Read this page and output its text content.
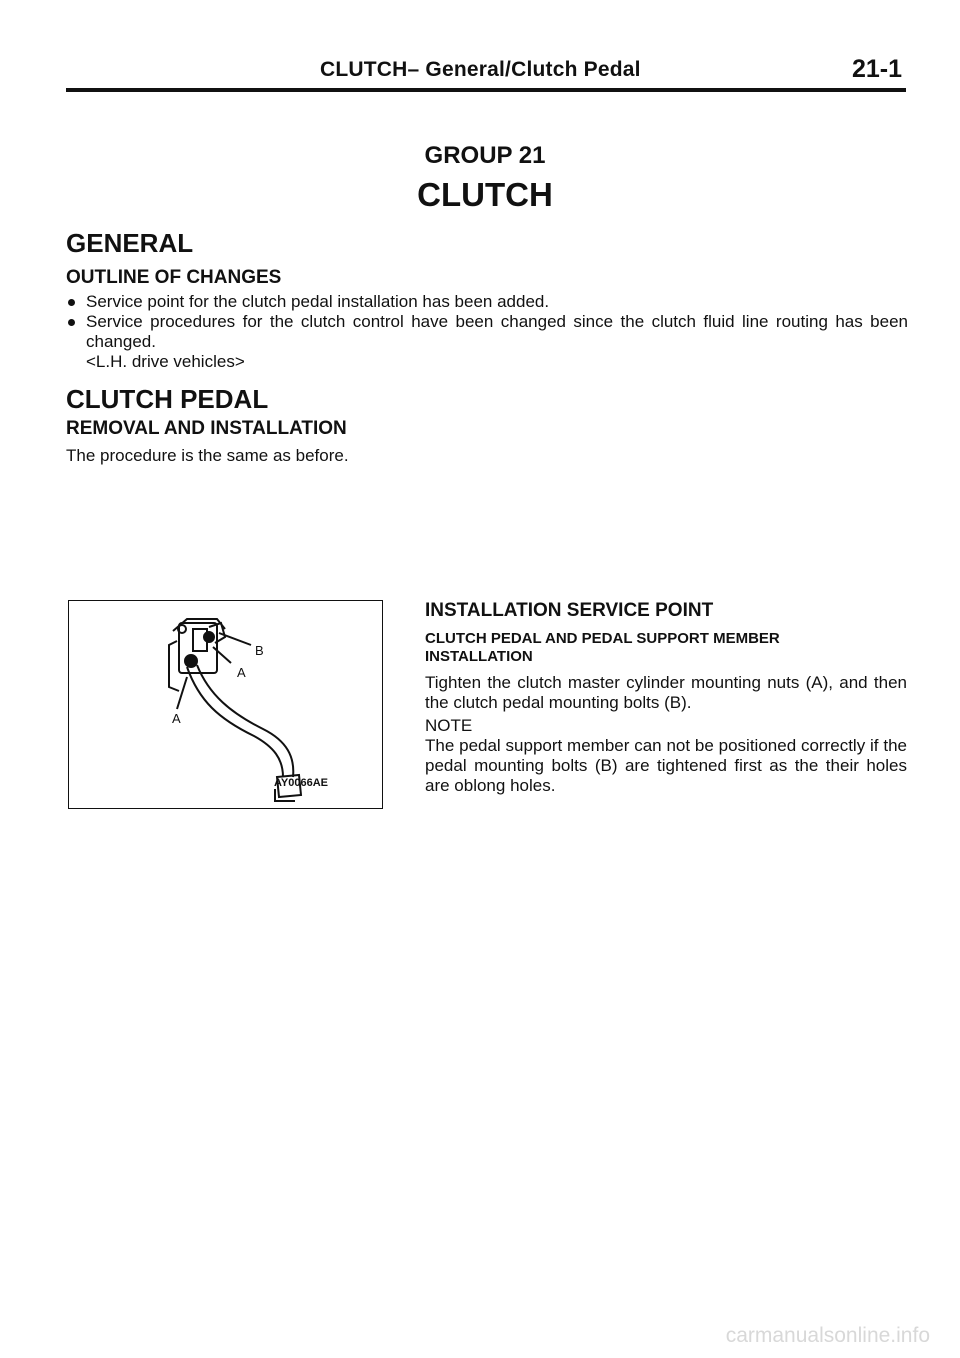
CLUTCH– General/Clutch Pedal	21-1
GROUP 21
CLUTCH
GENERAL
OUTLINE OF CHANGES
Service point for the clutch pedal installation has been added.
Service procedures for the clutch control have been changed since the clutch fluid line routing has been changed.
<L.H. drive vehicles>
CLUTCH PEDAL
REMOVAL AND INSTALLATION
The procedure is the same as before.
B
A
A
AY0066AE
INSTALLATION SERVICE POINT
CLUTCH PEDAL AND PEDAL SUPPORT MEMBER
INSTALLATION
Tighten the clutch master cylinder mounting nuts (A), and then the clutch pedal mounting bolts (B).
NOTE
The pedal support member can not be positioned correctly if the pedal mounting bolts (B) are tightened first as the their holes are oblong holes.
carmanualsonline.info
